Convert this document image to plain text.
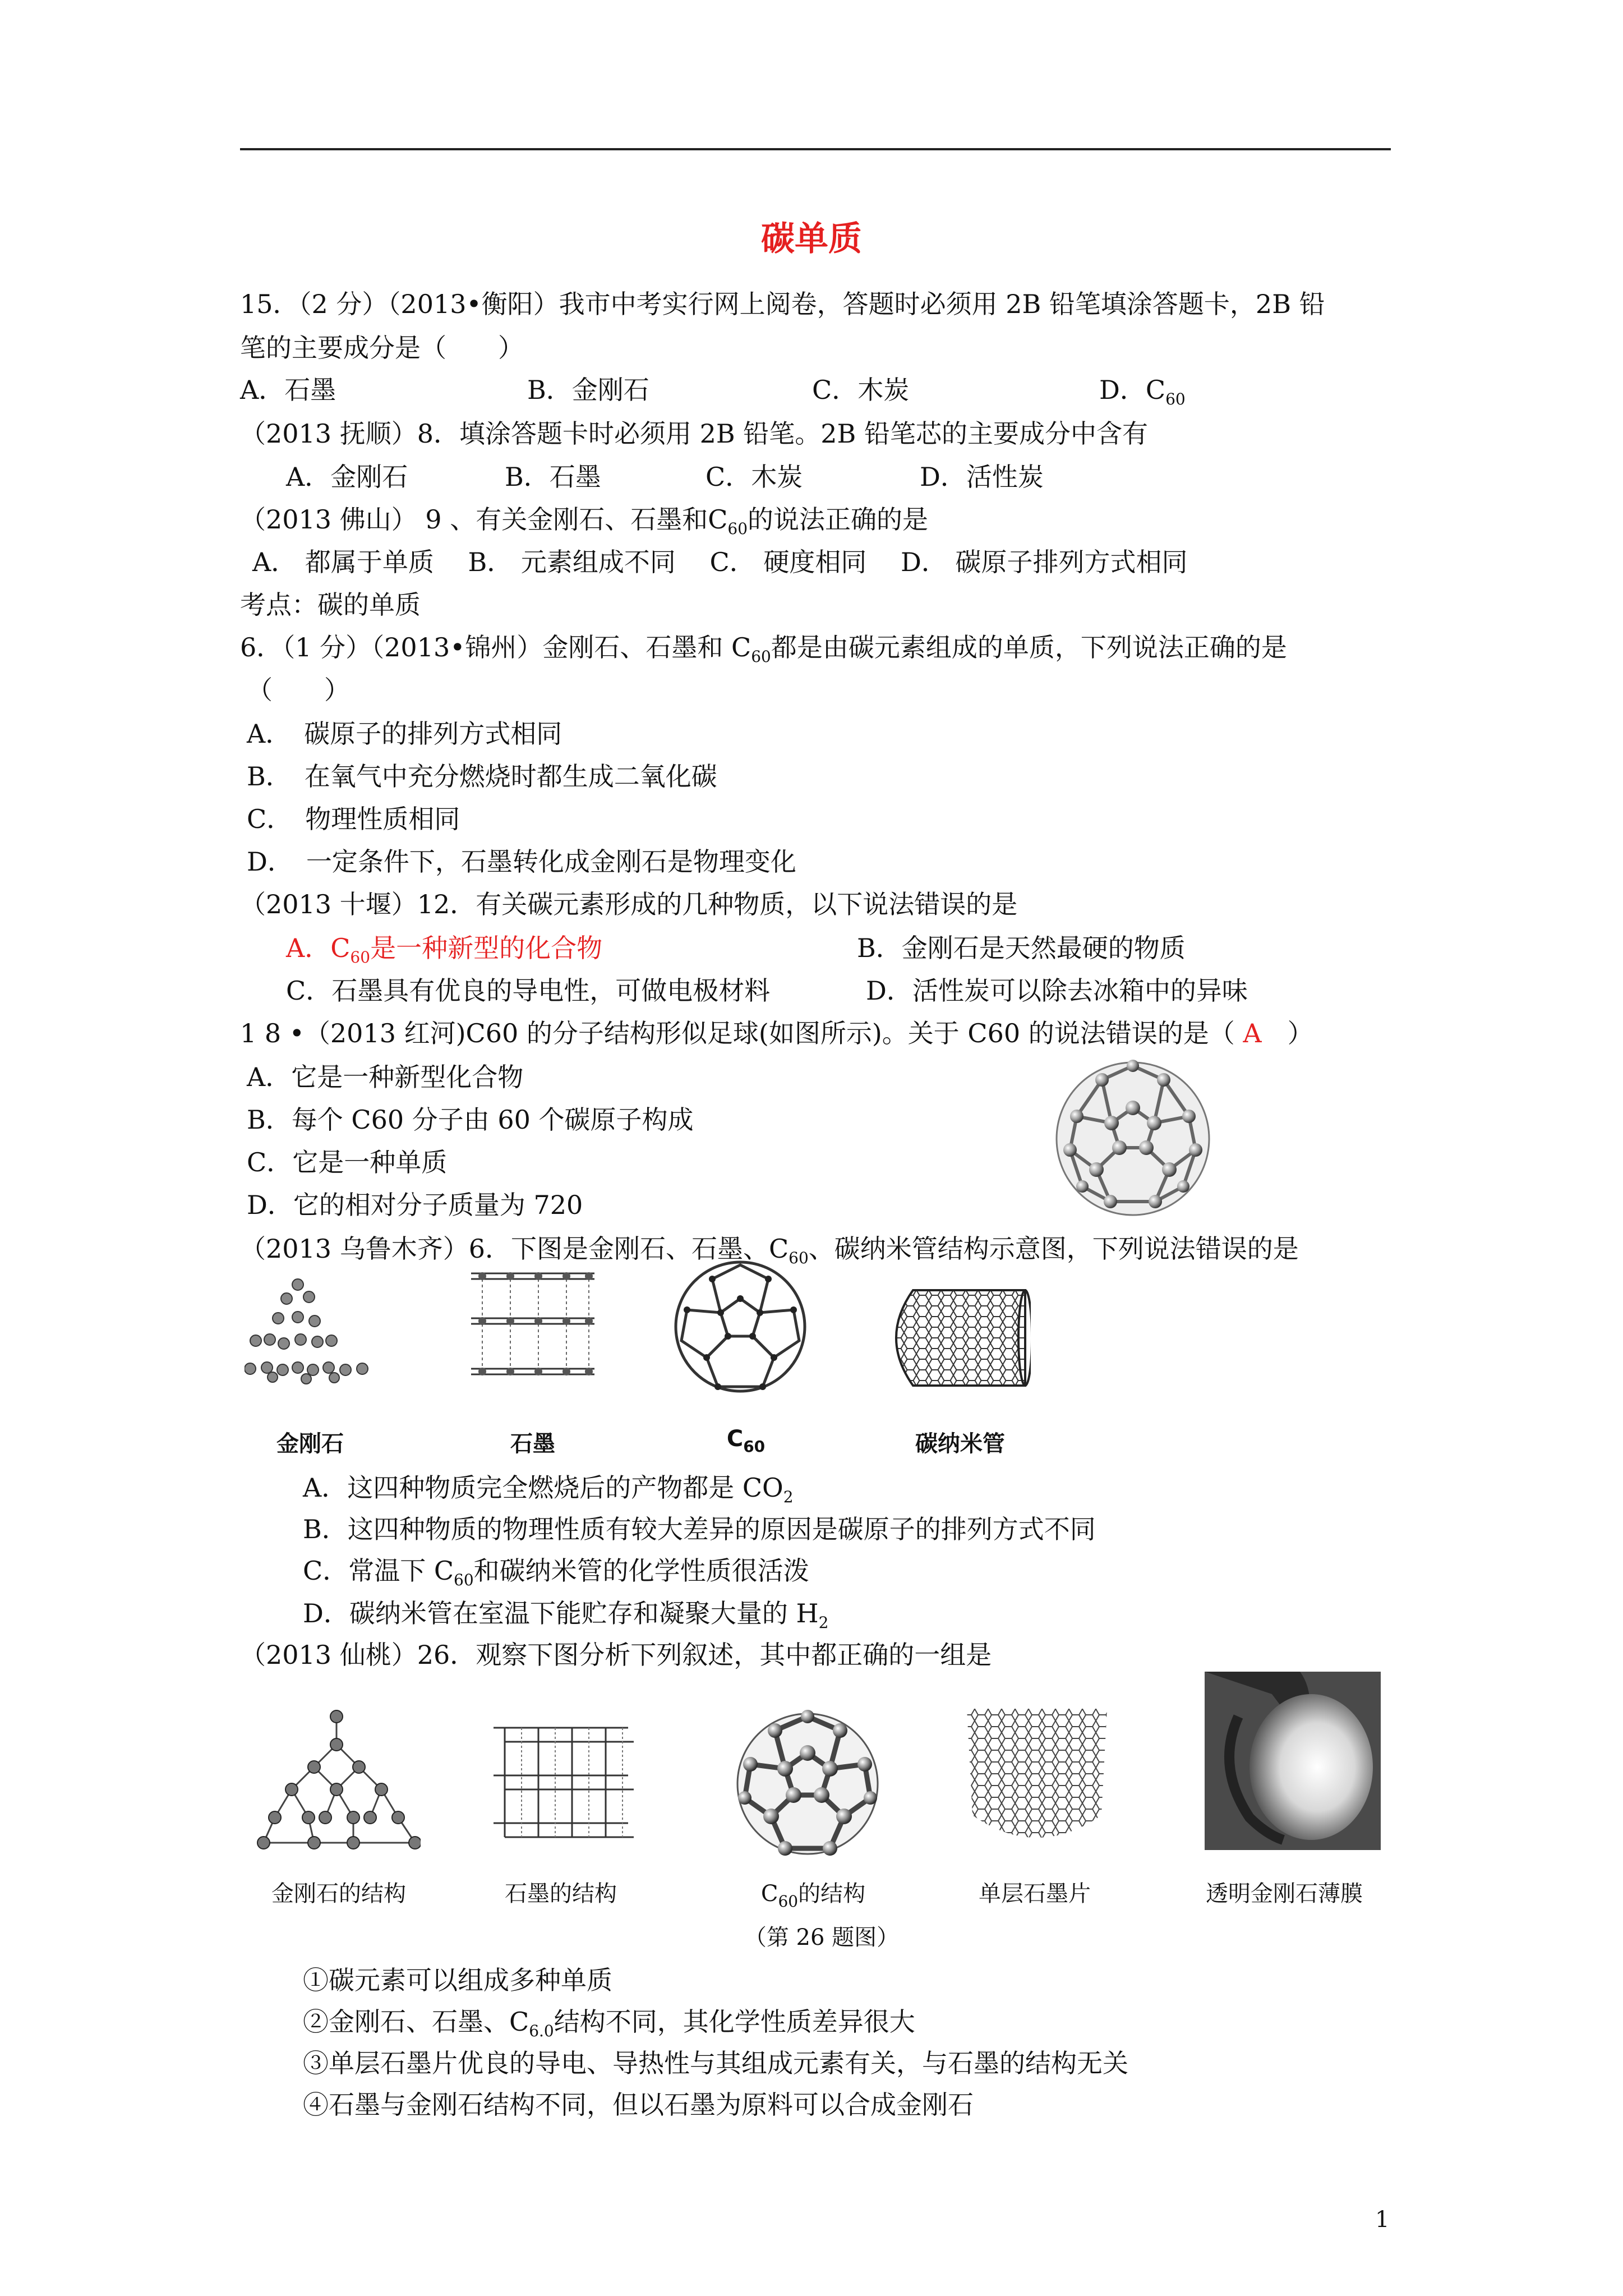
碳单质
15．（2 分）（2013•衡阳）我市中考实行网上阅卷，答题时必须用 2B 铅笔填涂答题卡，2B 铅
笔的主要成分是（　　）
A．石墨	B．金刚石	C．木炭	D．$C_{60}$
（2013 抚顺）8．填涂答题卡时必须用 2B 铅笔。2B 铅笔芯的主要成分中含有
A．金刚石	B．石墨	C．木炭	D．活性炭
（2013 佛山） 9 、有关金刚石、石墨和$C_{60}$的说法正确的是
A． 都属于单质　 B． 元素组成不同　 C． 硬度相同　 D． 碳原子排列方式相同
考点：碳的单质
6．（1 分）（2013•锦州）金刚石、石墨和 $C_{60}$都是由碳元素组成的单质，下列说法正确的是
（　　）
A．　碳原子的排列方式相同
B．　在氧气中充分燃烧时都生成二氧化碳
C．　物理性质相同
D．　一定条件下，石墨转化成金刚石是物理变化
（2013 十堰）12．有关碳元素形成的几种物质，以下说法错误的是
A．$C_{60}$是一种新型的化合物	B．金刚石是天然最硬的物质
C．石墨具有优良的导电性，可做电极材料	D．活性炭可以除去冰箱中的异味
1 8 •（2013 红河)C60 的分子结构形似足球(如图所示)。关于 C60 的说法错误的是（ A　 ）
A．它是一种新型化合物
B．每个 C60 分子由 60 个碳原子构成
C．它是一种单质
D．它的相对分子质量为 720
（2013 乌鲁木齐）6．下图是金刚石、石墨、$C_{60}$、碳纳米管结构示意图，下列说法错误的是
金刚石	石墨	$C_{60}$	碳纳米管
A．这四种物质完全燃烧后的产物都是 $CO_2$
B．这四种物质的物理性质有较大差异的原因是碳原子的排列方式不同
C．常温下 $C_{60}$和碳纳米管的化学性质很活泼
D．碳纳米管在室温下能贮存和凝聚大量的 $H_2$
（2013 仙桃）26．观察下图分析下列叙述，其中都正确的一组是
金刚石的结构	石墨的结构	$C_{60}$的结构	单层石墨片	透明金刚石薄膜
（第 26 题图）
①碳元素可以组成多种单质
②金刚石、石墨、$C_{6.0}$结构不同，其化学性质差异很大
③单层石墨片优良的导电、导热性与其组成元素有关，与石墨的结构无关
④石墨与金刚石结构不同，但以石墨为原料可以合成金刚石
1
